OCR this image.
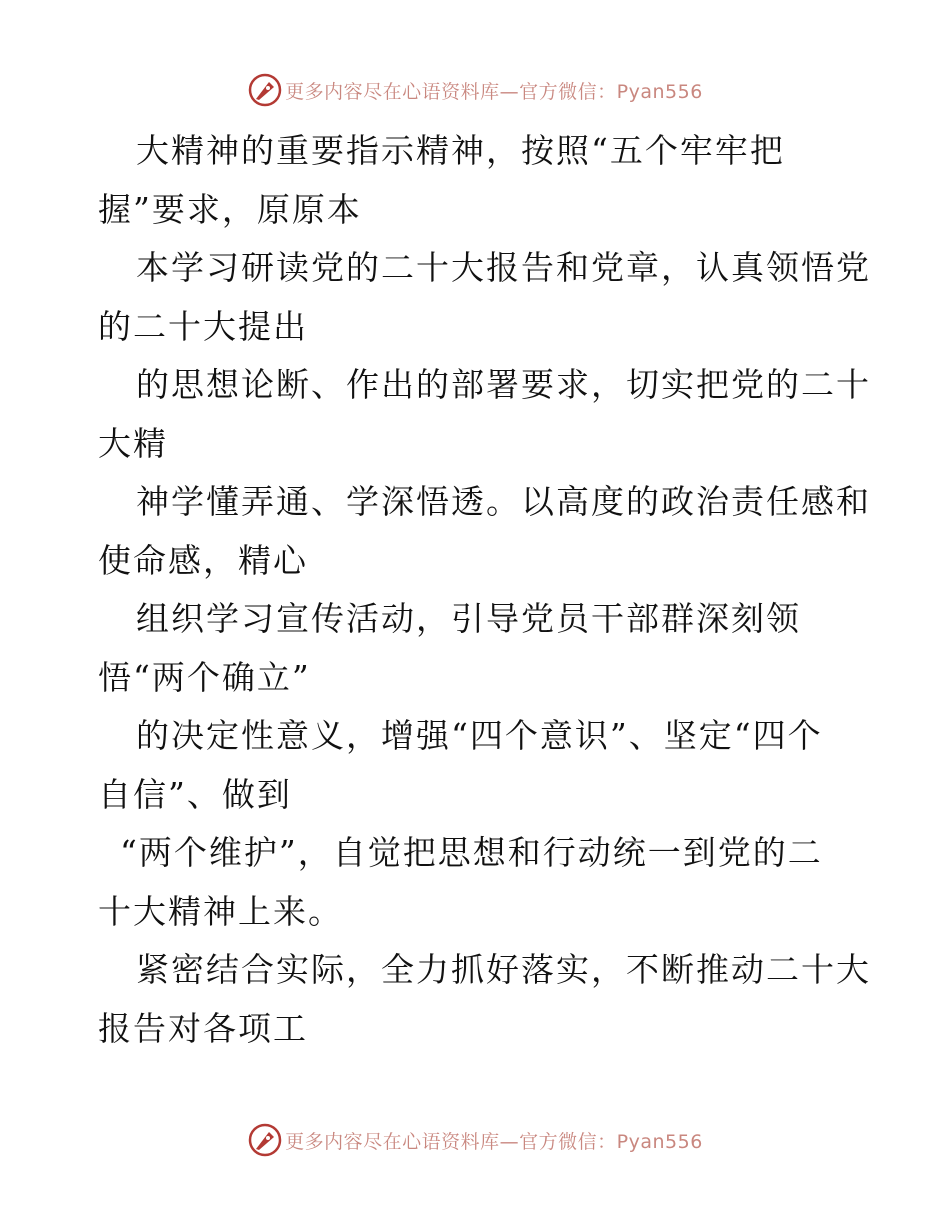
更多内容尽在心语资料库—官方微信：Pyan556
大精神的重要指示精神，按照“五个牢牢把
握”要求，原原本
本学习研读党的二十大报告和党章，认真领悟党
的二十大提出
的思想论断、作出的部署要求，切实把党的二十
大精
神学懂弄通、学深悟透。以高度的政治责任感和
使命感，精心
组织学习宣传活动，引导党员干部群深刻领
悟“两个确立”
的决定性意义，增强“四个意识”、坚定“四个
自信”、做到
“两个维护”，自觉把思想和行动统一到党的二
十大精神上来。
紧密结合实际，全力抓好落实，不断推动二十大
报告对各项工
更多内容尽在心语资料库—官方微信：Pyan556
